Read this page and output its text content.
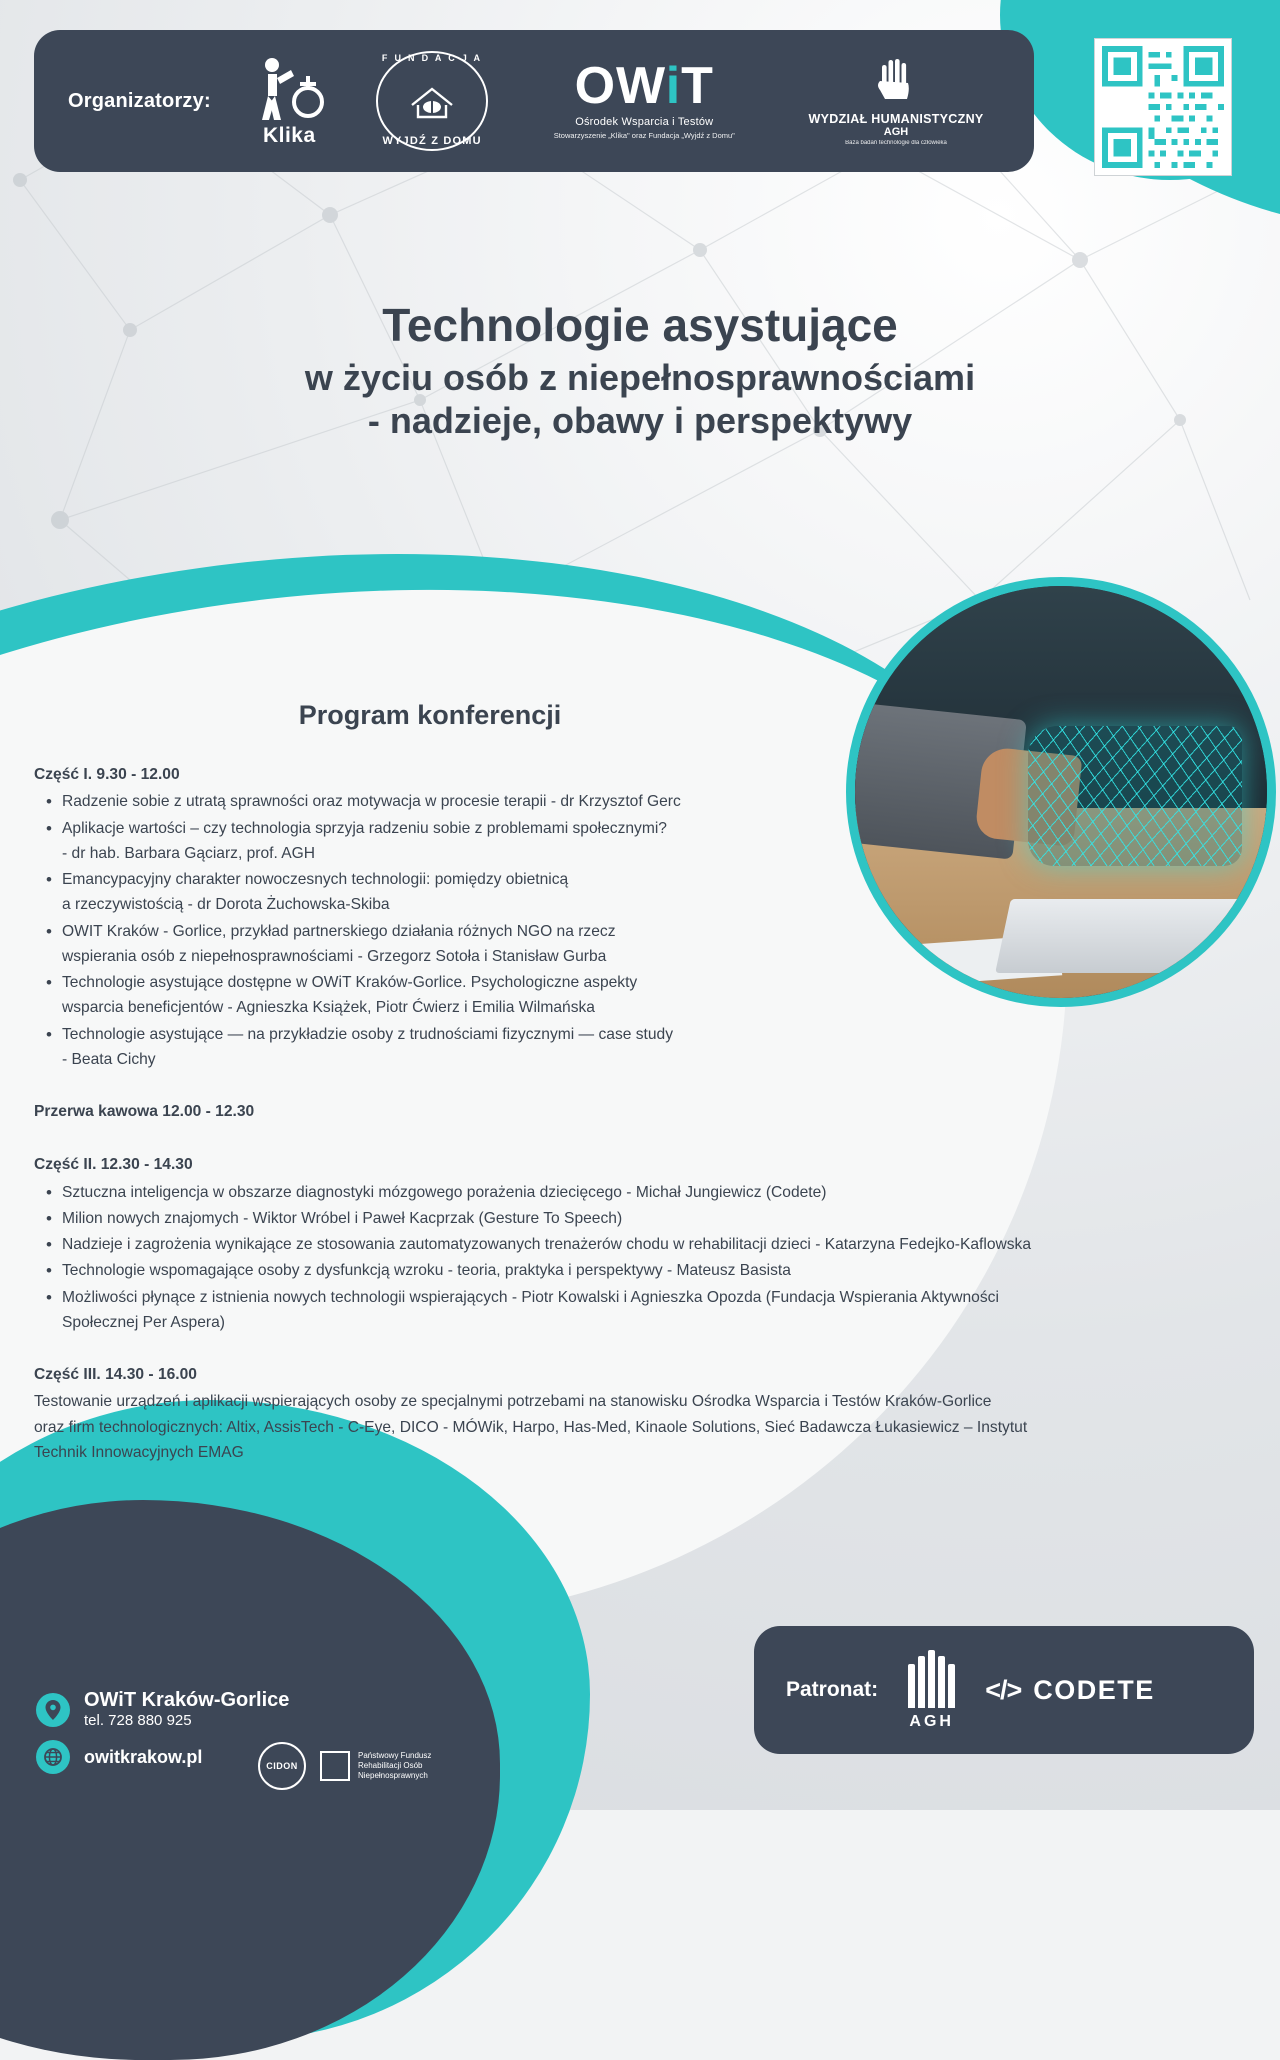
Organizatorzy:
Klika
F U N D A C J A
WYJDŹ Z DOMU
OWiT
Ośrodek Wsparcia i Testów
Stowarzyszenie „Klika" oraz Fundacja „Wyjdź z Domu"
WYDZIAŁ HUMANISTYCZNY
AGH
Baza badań technologie dla człowieka
Technologie asystujące
w życiu osób z niepełnosprawnościami
- nadzieje, obawy i perspektywy
Program konferencji
Część I. 9.30 - 12.00
• Radzenie sobie z utratą sprawności oraz motywacja w procesie terapii - dr Krzysztof Gerc
• Aplikacje wartości – czy technologia sprzyja radzeniu sobie z problemami społecznymi?
- dr hab. Barbara Gąciarz, prof. AGH
• Emancypacyjny charakter nowoczesnych technologii: pomiędzy obietnicą
a rzeczywistością - dr Dorota Żuchowska-Skiba
• OWIT Kraków - Gorlice, przykład partnerskiego działania różnych NGO na rzecz
wspierania osób z niepełnosprawnościami - Grzegorz Sotoła i Stanisław Gurba
• Technologie asystujące dostępne w OWiT Kraków-Gorlice. Psychologiczne aspekty
wsparcia beneficjentów - Agnieszka Książek, Piotr Ćwierz i Emilia Wilmańska
• Technologie asystujące — na przykładzie osoby z trudnościami fizycznymi — case study
- Beata Cichy
Przerwa kawowa 12.00 - 12.30
Część II. 12.30 - 14.30
• Sztuczna inteligencja w obszarze diagnostyki mózgowego porażenia dziecięcego - Michał Jungiewicz (Codete)
• Milion nowych znajomych - Wiktor Wróbel i Paweł Kacprzak (Gesture To Speech)
• Nadzieje i zagrożenia wynikające ze stosowania zautomatyzowanych trenażerów chodu w rehabilitacji dzieci - Katarzyna Fedejko-Kaflowska
• Technologie wspomagające osoby z dysfunkcją wzroku - teoria, praktyka i perspektywy - Mateusz Basista
• Możliwości płynące z istnienia nowych technologii wspierających - Piotr Kowalski i Agnieszka Opozda (Fundacja Wspierania Aktywności
Społecznej Per Aspera)
Część III. 14.30 - 16.00

Testowanie urządzeń i aplikacji wspierających osoby ze specjalnymi potrzebami na stanowisku Ośrodka Wsparcia i Testów Kraków-Gorlice
oraz firm technologicznych: Altix, AssisTech - C-Eye, DICO - MÓWik, Harpo, Has-Med, Kinaole Solutions, Sieć Badawcza Łukasiewicz – Instytut
Technik Innowacyjnych EMAG

OWiT Kraków-Gorlice
tel. 728 880 925
owitkrakow.pl	CIDON
Państwowy Fundusz
Rehabilitacji Osób
Niepełnosprawnych
Patronat:
AGH
</> CODETE
